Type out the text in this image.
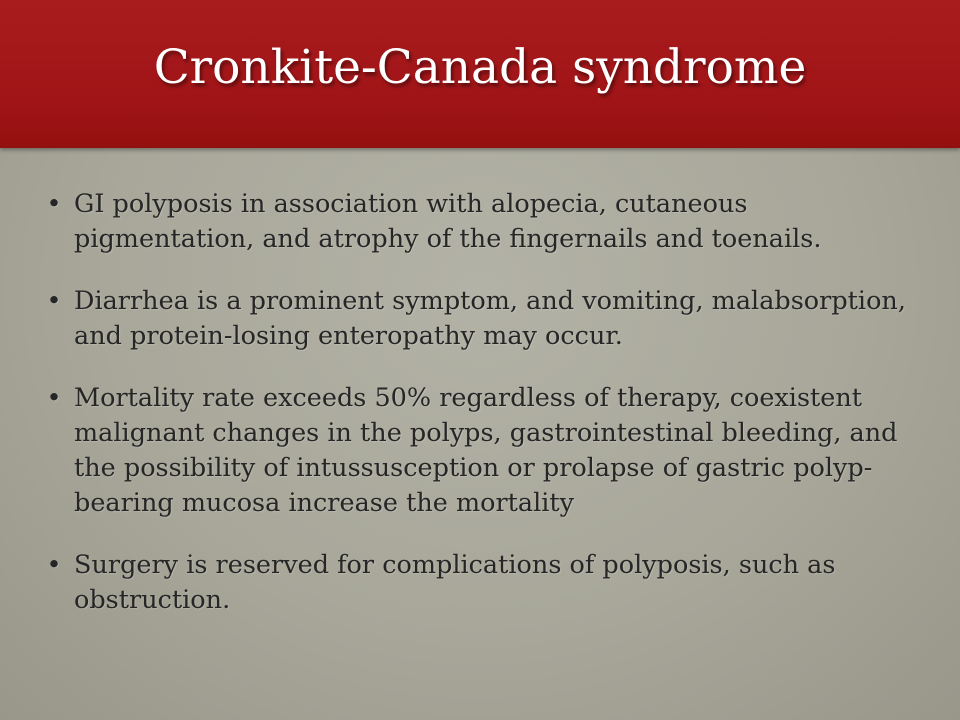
Cronkite-Canada syndrome
• GI polyposis in association with alopecia, cutaneous pigmentation, and atrophy of the fingernails and toenails.
• Diarrhea is a prominent symptom, and vomiting, malabsorption, and protein-losing enteropathy may occur.
• Mortality rate exceeds 50% regardless of therapy, coexistent malignant changes in the polyps, gastrointestinal bleeding, and the possibility of intussusception or prolapse of gastric polyp-bearing mucosa increase the mortality
• Surgery is reserved for complications of polyposis, such as obstruction.
